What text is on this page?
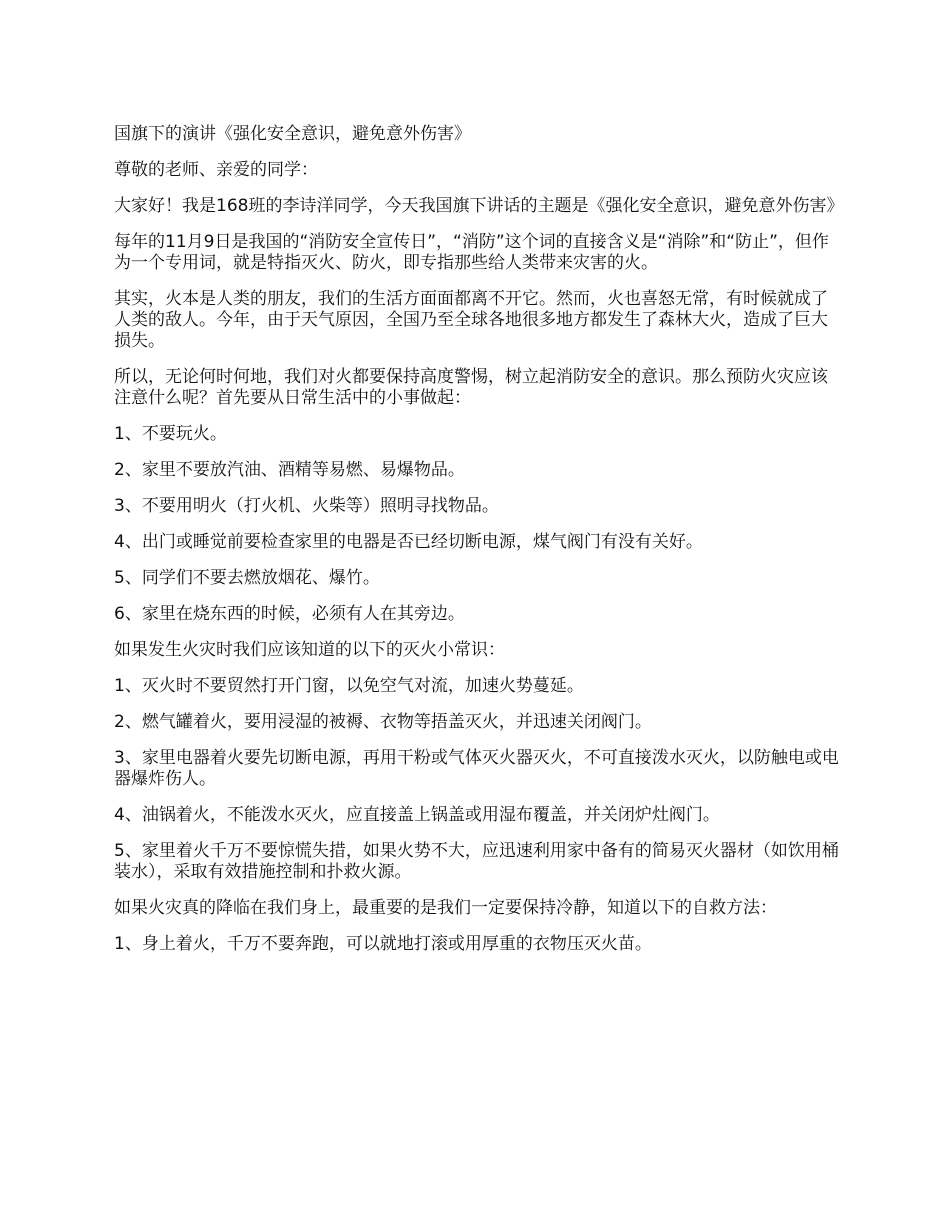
国旗下的演讲《强化安全意识，避免意外伤害》

尊敬的老师、亲爱的同学：

大家好！我是168班的李诗洋同学，今天我国旗下讲话的主题是《强化安全意识，避免意外伤害》

每年的11月9日是我国的“消防安全宣传日”，“消防”这个词的直接含义是“消除”和“防止”，但作为一个专用词，就是特指灭火、防火，即专指那些给人类带来灾害的火。

其实，火本是人类的朋友，我们的生活方面面都离不开它。然而，火也喜怒无常，有时候就成了人类的敌人。今年，由于天气原因，全国乃至全球各地很多地方都发生了森林大火，造成了巨大损失。

所以，无论何时何地，我们对火都要保持高度警惕，树立起消防安全的意识。那么预防火灾应该注意什么呢？首先要从日常生活中的小事做起：

1、不要玩火。

2、家里不要放汽油、酒精等易燃、易爆物品。

3、不要用明火（打火机、火柴等）照明寻找物品。

4、出门或睡觉前要检查家里的电器是否已经切断电源，煤气阀门有没有关好。

5、同学们不要去燃放烟花、爆竹。

6、家里在烧东西的时候，必须有人在其旁边。

如果发生火灾时我们应该知道的以下的灭火小常识：

1、灭火时不要贸然打开门窗，以免空气对流，加速火势蔓延。

2、燃气罐着火，要用浸湿的被褥、衣物等捂盖灭火，并迅速关闭阀门。

3、家里电器着火要先切断电源，再用干粉或气体灭火器灭火，不可直接泼水灭火，以防触电或电器爆炸伤人。

4、油锅着火，不能泼水灭火，应直接盖上锅盖或用湿布覆盖，并关闭炉灶阀门。

5、家里着火千万不要惊慌失措，如果火势不大，应迅速利用家中备有的简易灭火器材（如饮用桶装水），采取有效措施控制和扑救火源。

如果火灾真的降临在我们身上，最重要的是我们一定要保持冷静，知道以下的自救方法：

1、身上着火，千万不要奔跑，可以就地打滚或用厚重的衣物压灭火苗。
